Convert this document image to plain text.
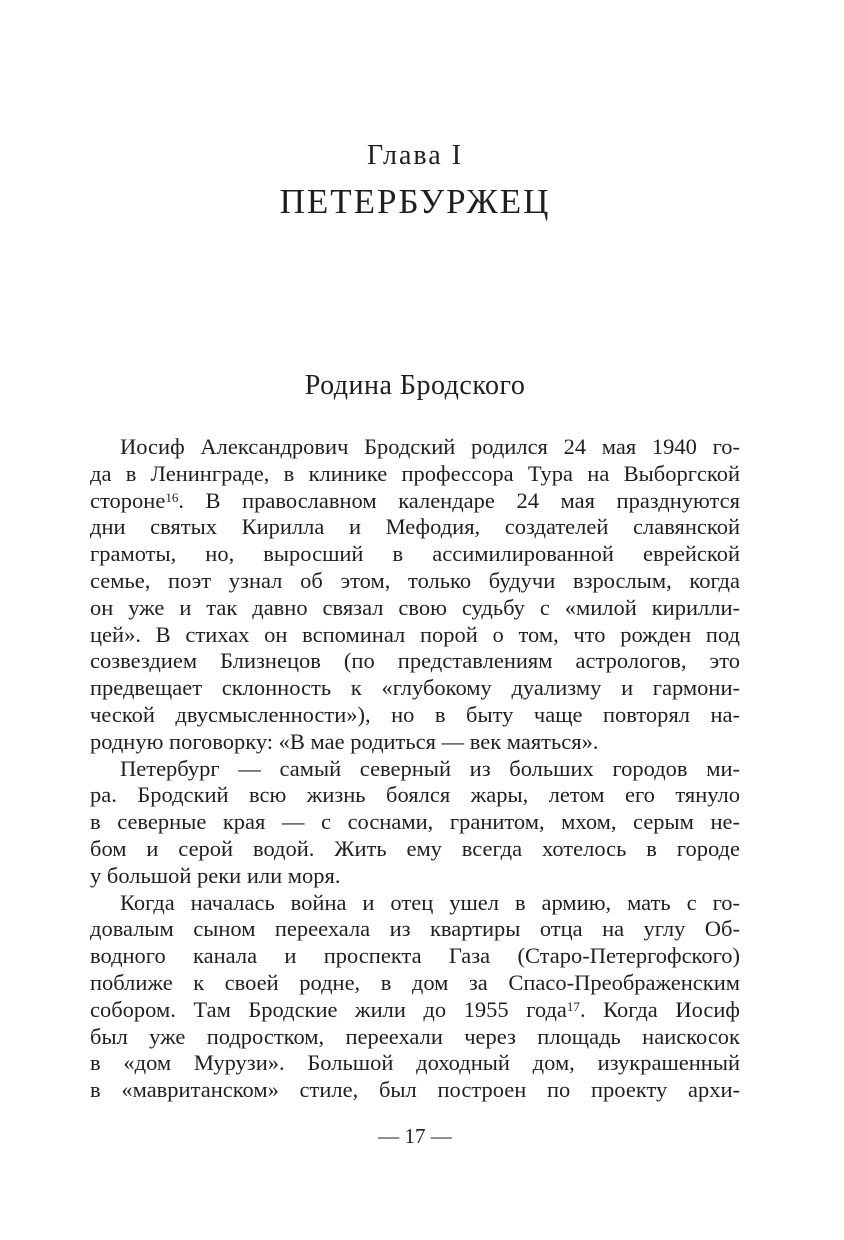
Глава I
ПЕТЕРБУРЖЕЦ
Родина Бродского
Иосиф Александрович Бродский родился 24 мая 1940 го-
да в Ленинграде, в клинике профессора Тура на Выборгской
стороне$^{16}$. В православном календаре 24 мая празднуются
дни святых Кирилла и Мефодия, создателей славянской
грамоты, но, выросший в ассимилированной еврейской
семье, поэт узнал об этом, только будучи взрослым, когда
он уже и так давно связал свою судьбу с «милой кирилли-
цей». В стихах он вспоминал порой о том, что рожден под
созвездием Близнецов (по представлениям астрологов, это
предвещает склонность к «глубокому дуализму и гармони-
ческой двусмысленности»), но в быту чаще повторял на-
родную поговорку: «В мае родиться — век маяться».
Петербург — самый северный из больших городов ми-
ра. Бродский всю жизнь боялся жары, летом его тянуло
в северные края — с соснами, гранитом, мхом, серым не-
бом и серой водой. Жить ему всегда хотелось в городе
у большой реки или моря.
Когда началась война и отец ушел в армию, мать с го-
довалым сыном переехала из квартиры отца на углу Об-
водного канала и проспекта Газа (Старо-Петергофского)
поближе к своей родне, в дом за Спасо-Преображенским
собором. Там Бродские жили до 1955 года$^{17}$. Когда Иосиф
был уже подростком, переехали через площадь наискосок
в «дом Мурузи». Большой доходный дом, изукрашенный
в «мавританском» стиле, был построен по проекту архи-
— 17 —
